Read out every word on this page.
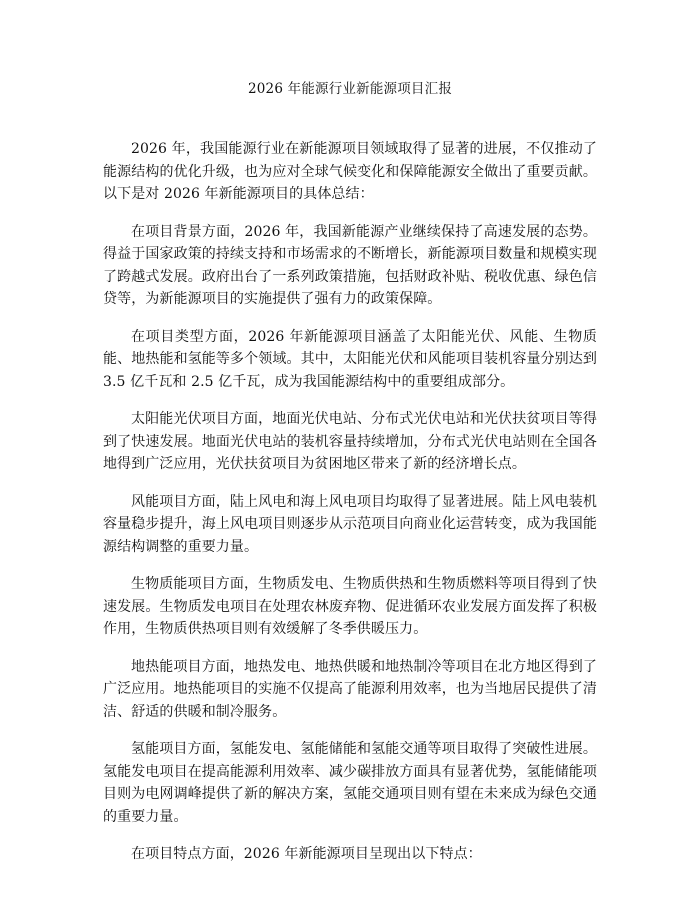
2026 年能源行业新能源项目汇报

2026 年，我国能源行业在新能源项目领域取得了显著的进展，不仅推动了能源结构的优化升级，也为应对全球气候变化和保障能源安全做出了重要贡献。以下是对 2026 年新能源项目的具体总结：

在项目背景方面，2026 年，我国新能源产业继续保持了高速发展的态势。得益于国家政策的持续支持和市场需求的不断增长，新能源项目数量和规模实现了跨越式发展。政府出台了一系列政策措施，包括财政补贴、税收优惠、绿色信贷等，为新能源项目的实施提供了强有力的政策保障。

在项目类型方面，2026 年新能源项目涵盖了太阳能光伏、风能、生物质能、地热能和氢能等多个领域。其中，太阳能光伏和风能项目装机容量分别达到 3.5 亿千瓦和 2.5 亿千瓦，成为我国能源结构中的重要组成部分。

太阳能光伏项目方面，地面光伏电站、分布式光伏电站和光伏扶贫项目等得到了快速发展。地面光伏电站的装机容量持续增加，分布式光伏电站则在全国各地得到广泛应用，光伏扶贫项目为贫困地区带来了新的经济增长点。

风能项目方面，陆上风电和海上风电项目均取得了显著进展。陆上风电装机容量稳步提升，海上风电项目则逐步从示范项目向商业化运营转变，成为我国能源结构调整的重要力量。

生物质能项目方面，生物质发电、生物质供热和生物质燃料等项目得到了快速发展。生物质发电项目在处理农林废弃物、促进循环农业发展方面发挥了积极作用，生物质供热项目则有效缓解了冬季供暖压力。

地热能项目方面，地热发电、地热供暖和地热制冷等项目在北方地区得到了广泛应用。地热能项目的实施不仅提高了能源利用效率，也为当地居民提供了清洁、舒适的供暖和制冷服务。

氢能项目方面，氢能发电、氢能储能和氢能交通等项目取得了突破性进展。氢能发电项目在提高能源利用效率、减少碳排放方面具有显著优势，氢能储能项目则为电网调峰提供了新的解决方案，氢能交通项目则有望在未来成为绿色交通的重要力量。

在项目特点方面，2026 年新能源项目呈现出以下特点：
